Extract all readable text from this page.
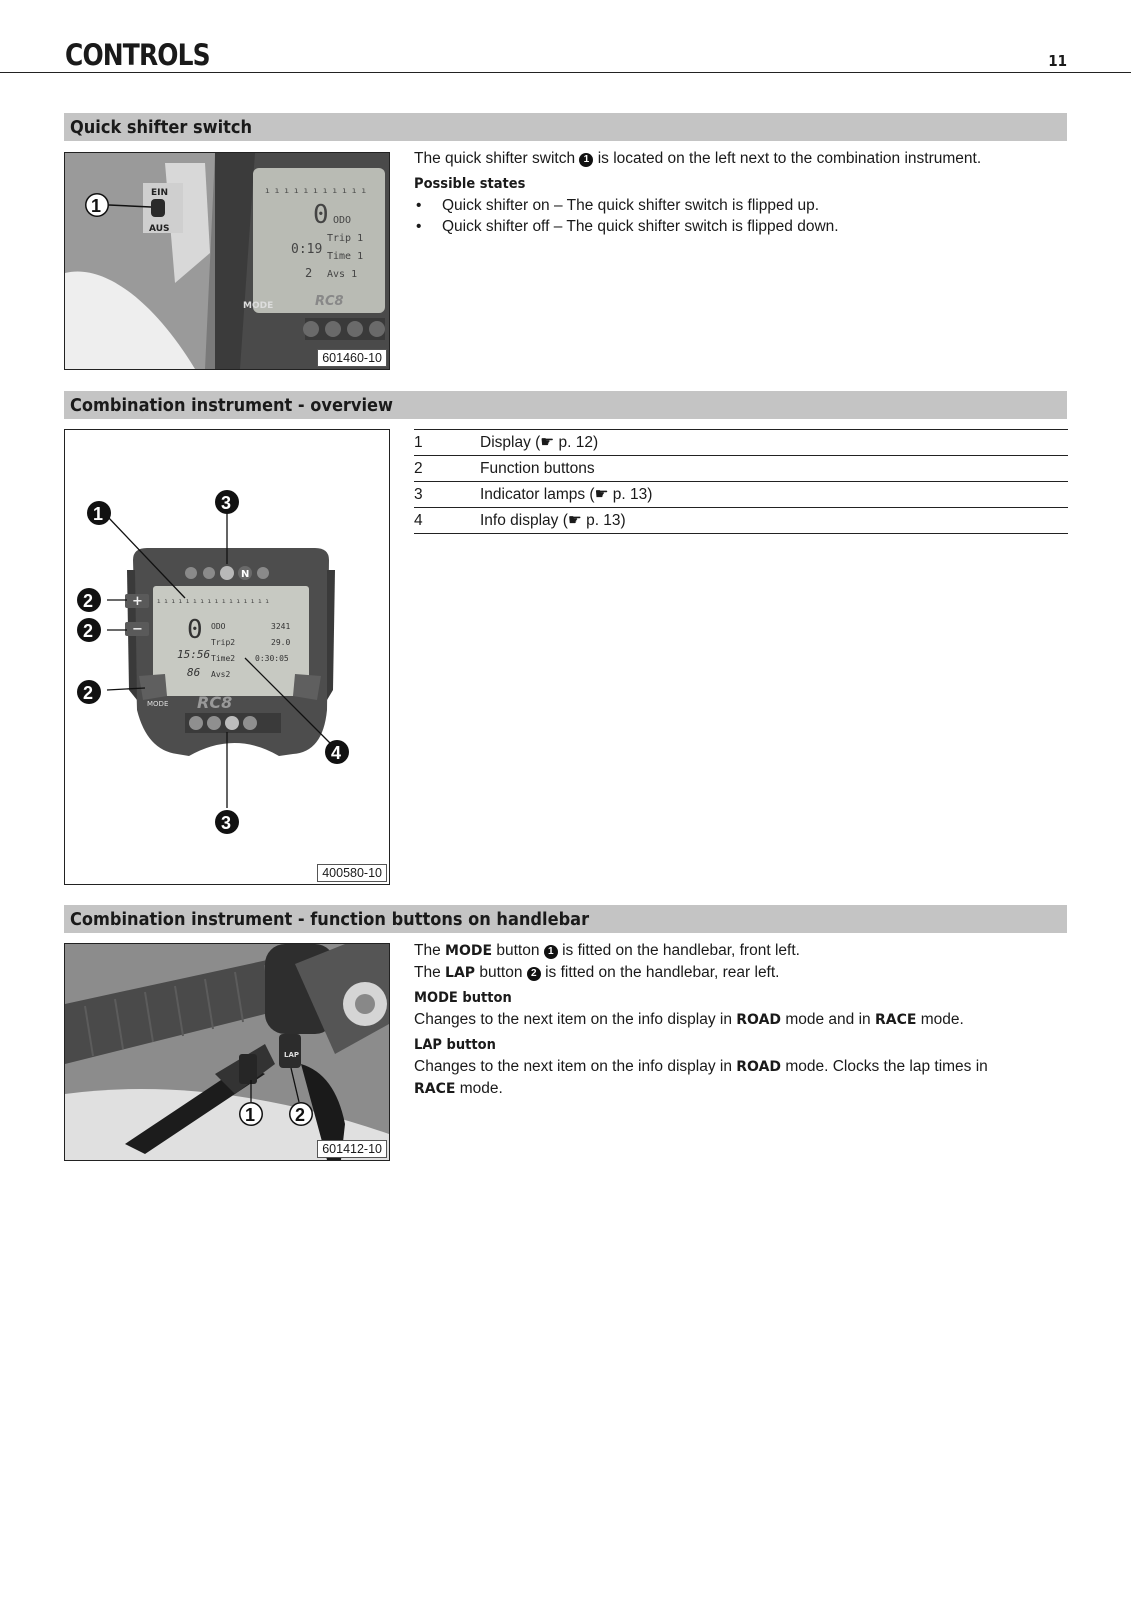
CONTROLS	11
Quick shifter switch
ı ı ı ı ı ı ı ı ı ı ı
0 ODO
0:19
Trip 1
Time 1
2 Avs 1
MODE	RC8
EIN
AUS
1
601460-10

The quick shifter switch 1 is located on the left next to the combination instrument.

Possible states

• Quick shifter on – The quick shifter switch is flipped up.

• Quick shifter off – The quick shifter switch is flipped down.

Combination instrument - overview
N
ı ı ı ı ı ı ı ı ı ı ı ı ı ı ı ı
0 ODO	3241
Trip2	29.0
Time2 0:30:05
Avs2
15:56
86
+
−
MODE RC8
1
3
2
2
2
4
3
400580-10
1	Display (☛ p. 12)
2	Function buttons
3	Indicator lamps (☛ p. 13)
4	Info display (☛ p. 13)
Combination instrument - function buttons on handlebar
LAP
1 2
601412-10

The MODE button 1 is fitted on the handlebar, front left.

The LAP button 2 is fitted on the handlebar, rear left.

MODE button

Changes to the next item on the info display in ROAD mode and in RACE mode.

LAP button

Changes to the next item on the info display in ROAD mode. Clocks the lap times in
RACE mode.
